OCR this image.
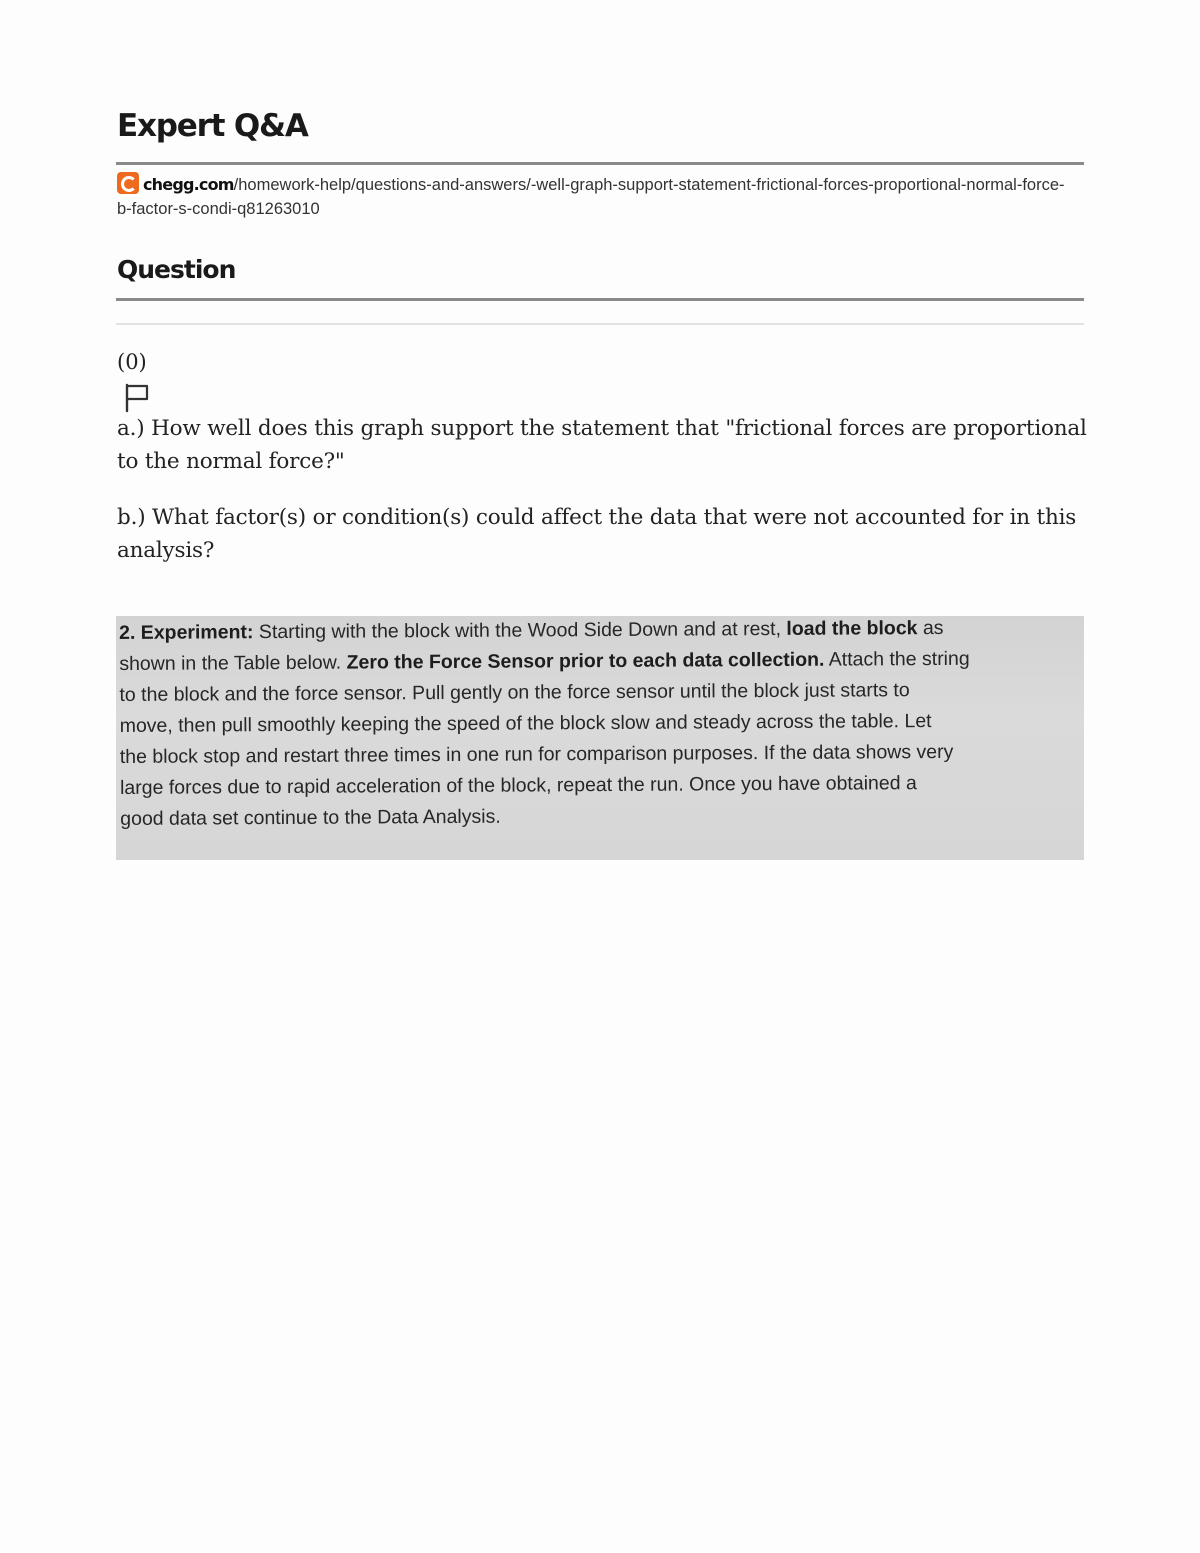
Expert Q&A
chegg.com/homework-help/questions-and-answers/-well-graph-support-statement-frictional-forces-proportional-normal-force-b-factor-s-condi-q81263010
Question
(0)

a.) How well does this graph support the statement that "frictional forces are proportional to the normal force?"

b.) What factor(s) or condition(s) could affect the data that were not accounted for in this analysis?

2. Experiment: Starting with the block with the Wood Side Down and at rest, load the block as
shown in the Table below. Zero the Force Sensor prior to each data collection. Attach the string
to the block and the force sensor. Pull gently on the force sensor until the block just starts to
move, then pull smoothly keeping the speed of the block slow and steady across the table. Let
the block stop and restart three times in one run for comparison purposes. If the data shows very
large forces due to rapid acceleration of the block, repeat the run. Once you have obtained a
good data set continue to the Data Analysis.
